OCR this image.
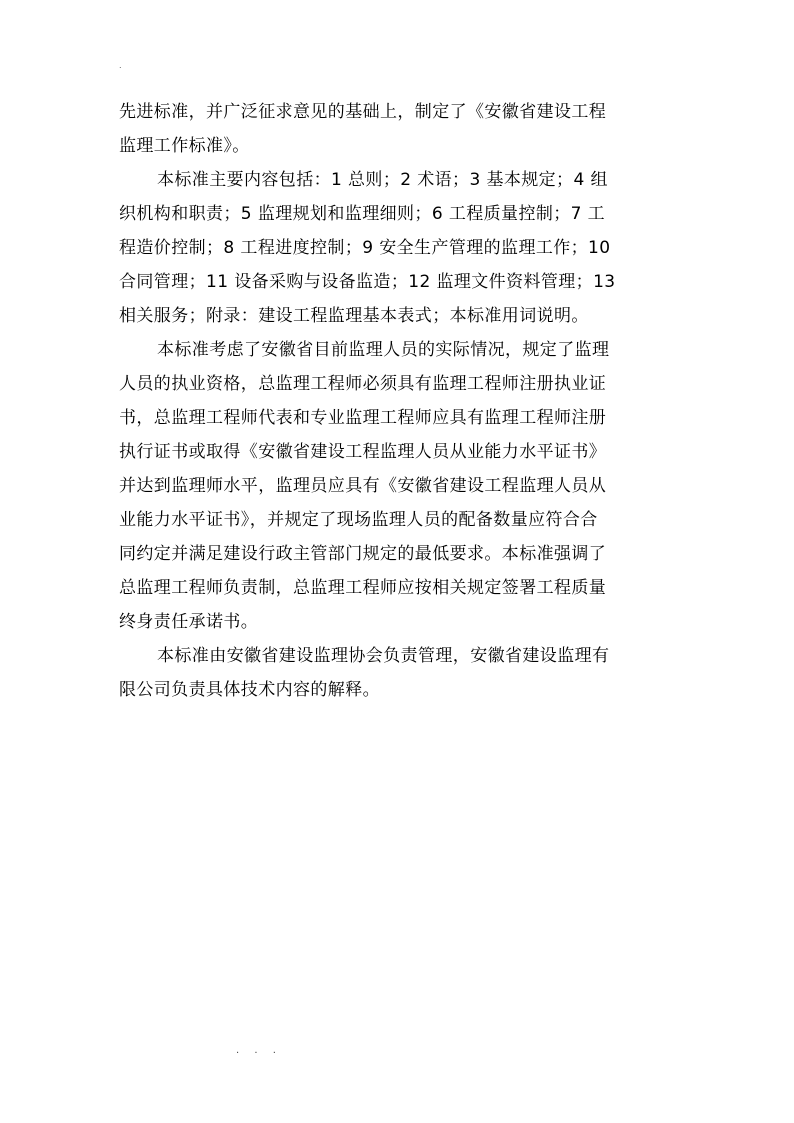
.
先进标准，并广泛征求意见的基础上，制定了《安徽省建设工程
监理工作标准》。
本标准主要内容包括：1 总则；2 术语；3 基本规定；4 组
织机构和职责；5 监理规划和监理细则；6 工程质量控制；7 工
程造价控制；8 工程进度控制；9 安全生产管理的监理工作；10
合同管理；11 设备采购与设备监造；12 监理文件资料管理；13
相关服务；附录：建设工程监理基本表式；本标准用词说明。
本标准考虑了安徽省目前监理人员的实际情况，规定了监理
人员的执业资格，总监理工程师必须具有监理工程师注册执业证
书，总监理工程师代表和专业监理工程师应具有监理工程师注册
执行证书或取得《安徽省建设工程监理人员从业能力水平证书》
并达到监理师水平，监理员应具有《安徽省建设工程监理人员从
业能力水平证书》，并规定了现场监理人员的配备数量应符合合
同约定并满足建设行政主管部门规定的最低要求。本标准强调了
总监理工程师负责制，总监理工程师应按相关规定签署工程质量
终身责任承诺书。
本标准由安徽省建设监理协会负责管理，安徽省建设监理有
限公司负责具体技术内容的解释。
. . .
